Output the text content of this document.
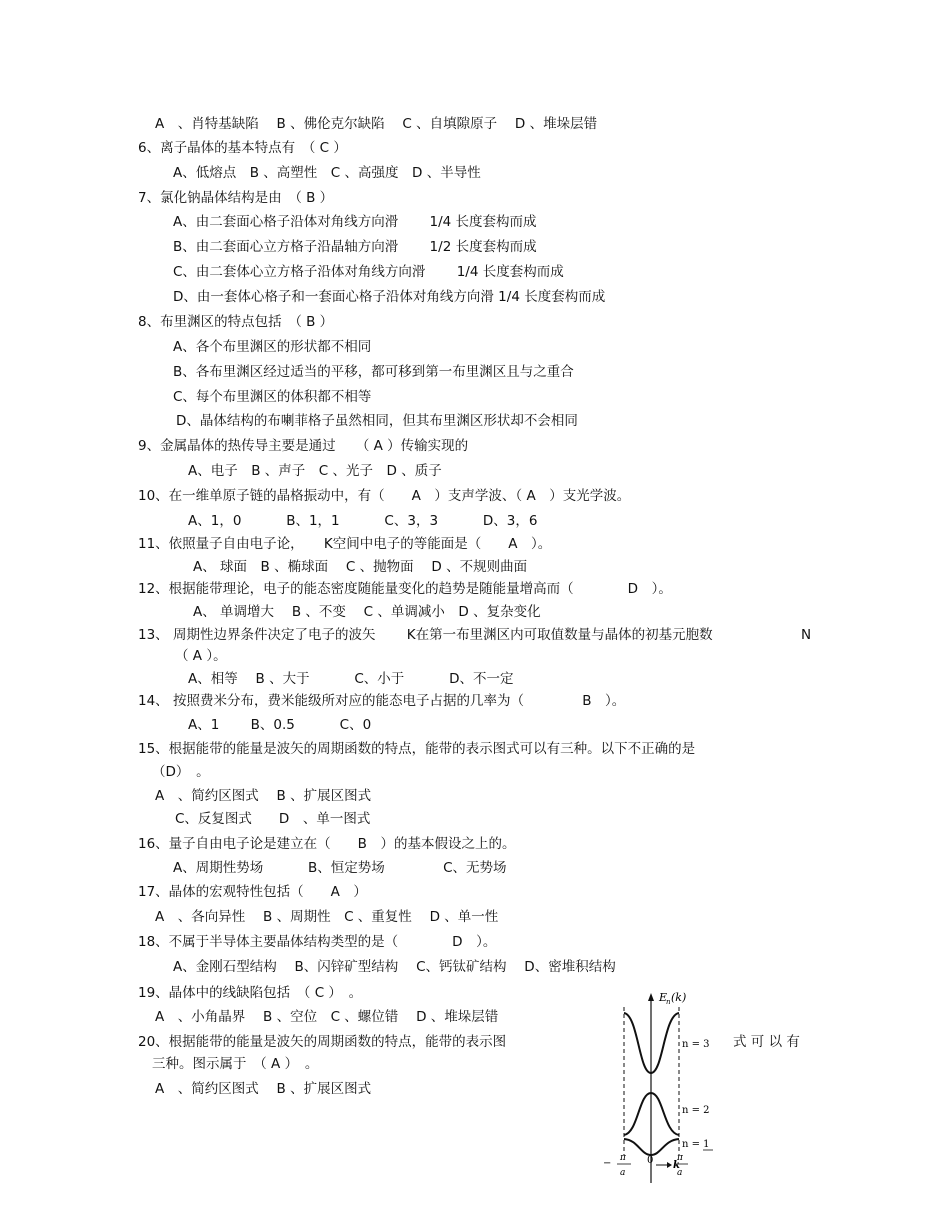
A　、肖特基缺陷　 B 、佛伦克尔缺陷　 C 、自填隙原子　 D 、堆垛层错
6、离子晶体的基本特点有　（ C ）
A、低熔点　B 、高塑性　C 、高强度　D 、半导性
7、氯化钠晶体结构是由　（ B ）
A、由二套面心格子沿体对角线方向滑　　 1/4 长度套构而成
B、由二套面心立方格子沿晶轴方向滑　　 1/2 长度套构而成
C、由二套体心立方格子沿体对角线方向滑　　 1/4 长度套构而成
D、由一套体心格子和一套面心格子沿体对角线方向滑 1/4 长度套构而成
8、布里渊区的特点包括　（ B ）
A、各个布里渊区的形状都不相同
B、各布里渊区经过适当的平移，都可移到第一布里渊区且与之重合
C、每个布里渊区的体积都不相等
D、晶体结构的布喇菲格子虽然相同，但其布里渊区形状却不会相同
9、金属晶体的热传导主要是通过　　（ A ）传输实现的
A、电子　B 、声子　C 、光子　D 、质子
10、在一维单原子链的晶格振动中，有（　　A　）支声学波、（ A　）支光学波。
A、1，0　　　 B、1，1　　　 C、3，3　　　 D、3，6
11、依照量子自由电子论，　　K空间中电子的等能面是（　　A　）。
A、 球面　B 、椭球面　 C 、抛物面　 D 、不规则曲面
12、根据能带理论，电子的能态密度随能量变化的趋势是随能量增高而（　　　　D　）。
A、 单调增大　 B 、不变　 C 、单调减小　D 、复杂变化
13、 周期性边界条件决定了电子的波矢　　 K在第一布里渊区内可取值数量与晶体的初基元胞数	N
（ A ）。
A、相等　 B 、大于　　　 C、小于　　　 D、不一定
14、 按照费米分布，费米能级所对应的能态电子占据的几率为（　　　　 B　）。
A、1　　 B、0.5　　　 C、0
15、根据能带的能量是波矢的周期函数的特点，能带的表示图式可以有三种。以下不正确的是
（D）　。
A　、简约区图式　 B 、扩展区图式
C、反复图式　　D　、单一图式
16、量子自由电子论是建立在（　　B　）的基本假设之上的。
A、周期性势场　　　 B、恒定势场　　　　 C、无势场
17、晶体的宏观特性包括（　　A　）
A　、各向异性　 B 、周期性　C 、重复性　 D 、单一性
18、不属于半导体主要晶体结构类型的是（　　　　D　）。
A、金刚石型结构　 B、闪锌矿型结构　 C、钙钛矿结构　 D、密堆积结构
19、晶体中的线缺陷包括　（ C ）　。
A　、小角晶界　 B 、空位　C 、螺位错　 D 、堆垛层错
20、根据能带的能量是波矢的周期函数的特点，能带的表示图	式 可 以 有
三种。图示属于　（ A ）　。
A　、简约区图式　 B 、扩展区图式
E
n (k)
n = 3
n = 2
n = 1
k
0
− π
a
π
a
